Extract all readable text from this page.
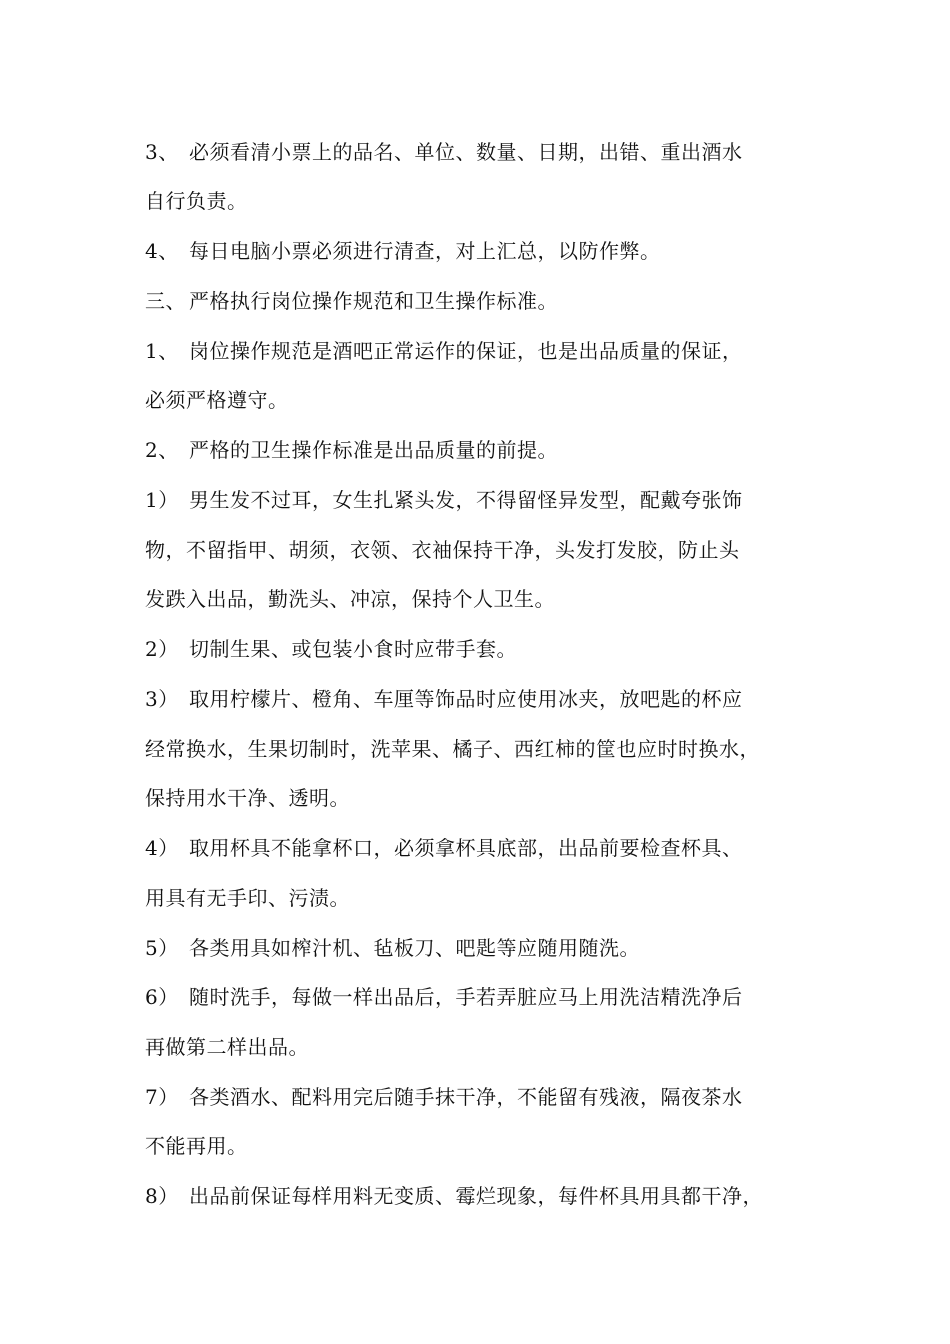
3、 必须看清小票上的品名、单位、数量、日期，出错、重出酒水
自行负责。
4、 每日电脑小票必须进行清查，对上汇总，以防作弊。
三、 严格执行岗位操作规范和卫生操作标准。
1、 岗位操作规范是酒吧正常运作的保证，也是出品质量的保证，
必须严格遵守。
2、 严格的卫生操作标准是出品质量的前提。
1） 男生发不过耳，女生扎紧头发，不得留怪异发型，配戴夸张饰
物，不留指甲、胡须，衣领、衣袖保持干净，头发打发胶，防止头
发跌入出品，勤洗头、冲凉，保持个人卫生。
2） 切制生果、或包装小食时应带手套。
3） 取用柠檬片、橙角、车厘等饰品时应使用冰夹，放吧匙的杯应
经常换水，生果切制时，洗苹果、橘子、西红柿的筐也应时时换水，
保持用水干净、透明。
4） 取用杯具不能拿杯口，必须拿杯具底部，出品前要检查杯具、
用具有无手印、污渍。
5） 各类用具如榨汁机、毡板刀、吧匙等应随用随洗。
6） 随时洗手，每做一样出品后，手若弄脏应马上用洗洁精洗净后
再做第二样出品。
7） 各类酒水、配料用完后随手抹干净，不能留有残液，隔夜茶水
不能再用。
8） 出品前保证每样用料无变质、霉烂现象，每件杯具用具都干净，
